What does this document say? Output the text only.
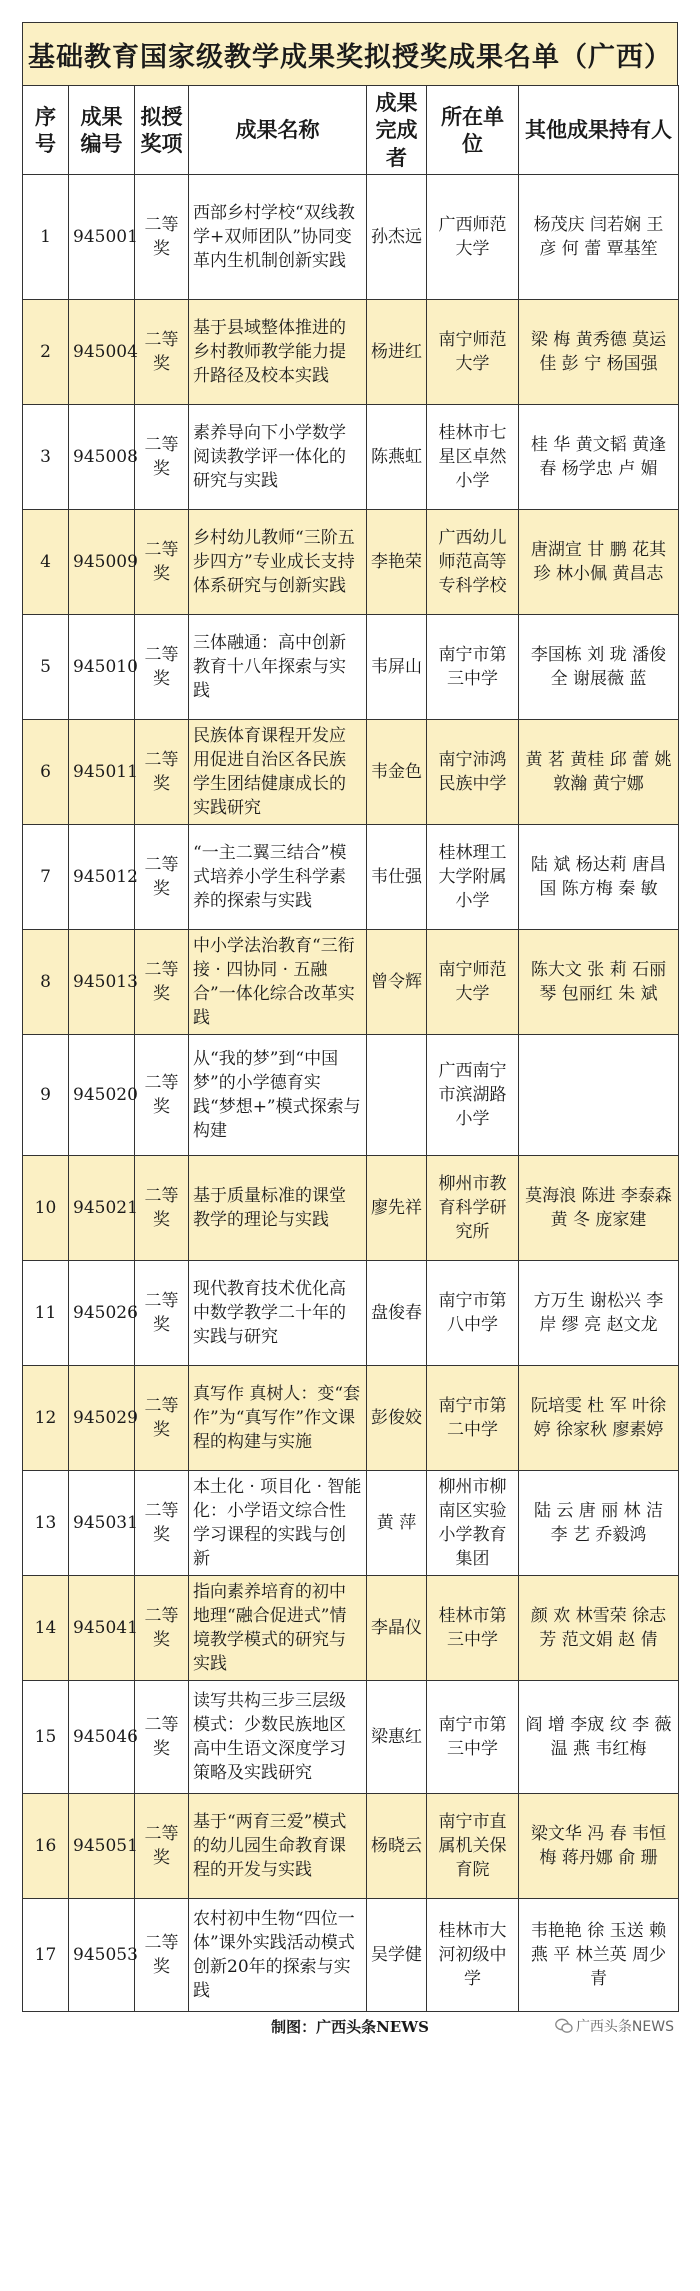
基础教育国家级教学成果奖拟授奖成果名单（广西）
序号	成果编号	拟授奖项	成果名称	成果完成者	所在单位	其他成果持有人
1	945001	二等奖	西部乡村学校“双线教学+双师团队”协同变革内生机制创新实践	孙杰远	广西师范大学	杨茂庆 闫若娴 王 彦 何 蕾 覃基笙
2	945004	二等奖	基于县域整体推进的乡村教师教学能力提升路径及校本实践	杨进红	南宁师范大学	梁 梅 黄秀德 莫运佳 彭 宁 杨国强
3	945008	二等奖	素养导向下小学数学阅读教学评一体化的研究与实践	陈燕虹	桂林市七星区卓然小学	桂 华 黄文韬 黄逢春 杨学忠 卢 媚
4	945009	二等奖	乡村幼儿教师“三阶五步四方”专业成长支持体系研究与创新实践	李艳荣	广西幼儿师范高等专科学校	唐湖宣 甘 鹏 花其珍 林小佩 黄昌志
5	945010	二等奖	三体融通：高中创新教育十八年探索与实践	韦屏山	南宁市第三中学	李国栋 刘 珑 潘俊全 谢展薇 蓝
6	945011	二等奖	民族体育课程开发应用促进自治区各民族学生团结健康成长的实践研究	韦金色	南宁沛鸿民族中学	黄 茗 黄桂 邱 蕾 姚敦瀚 黄宁娜
7	945012	二等奖	“一主二翼三结合”模式培养小学生科学素养的探索与实践	韦仕强	桂林理工大学附属小学	陆 斌 杨达莉 唐昌国 陈方梅 秦 敏
8	945013	二等奖	中小学法治教育“三衔接 · 四协同 · 五融合”一体化综合改革实践	曾令辉	南宁师范大学	陈大文 张 莉 石丽琴 包丽红 朱 斌
9	945020	二等奖	从“我的梦”到“中国梦”的小学德育实践“梦想+”模式探索与构建		广西南宁市滨湖路小学	
10	945021	二等奖	基于质量标准的课堂教学的理论与实践	廖先祥	柳州市教育科学研究所	莫海浪 陈进 李泰森 黄 冬 庞家建
11	945026	二等奖	现代教育技术优化高中数学教学二十年的实践与研究	盘俊春	南宁市第八中学	方万生 谢松兴 李 岸 缪 亮 赵文龙
12	945029	二等奖	真写作 真树人：变“套作”为“真写作”作文课程的构建与实施	彭俊姣	南宁市第二中学	阮培雯 杜 军 叶徐婷 徐家秋 廖素婷
13	945031	二等奖	本土化 · 项目化 · 智能化：小学语文综合性学习课程的实践与创新	黄 萍	柳州市柳南区实验小学教育集团	陆 云 唐 丽 林 洁 李 艺 乔毅鸿
14	945041	二等奖	指向素养培育的初中地理“融合促进式”情境教学模式的研究与实践	李晶仪	桂林市第三中学	颜 欢 林雪荣 徐志芳 范文娟 赵 倩
15	945046	二等奖	读写共构三步三层级模式：少数民族地区高中生语文深度学习策略及实践研究	梁惠红	南宁市第三中学	阎 增 李宬 纹 李 薇 温 燕 韦红梅
16	945051	二等奖	基于“两育三爱”模式的幼儿园生命教育课程的开发与实践	杨晓云	南宁市直属机关保育院	梁文华 冯 春 韦恒梅 蒋丹娜 俞 珊
17	945053	二等奖	农村初中生物“四位一体”课外实践活动模式创新20年的探索与实践	吴学健	桂林市大河初级中学	韦艳艳 徐 玉送 赖燕 平 林兰英 周少青
制图：广西头条NEWS	广西头条NEWS
